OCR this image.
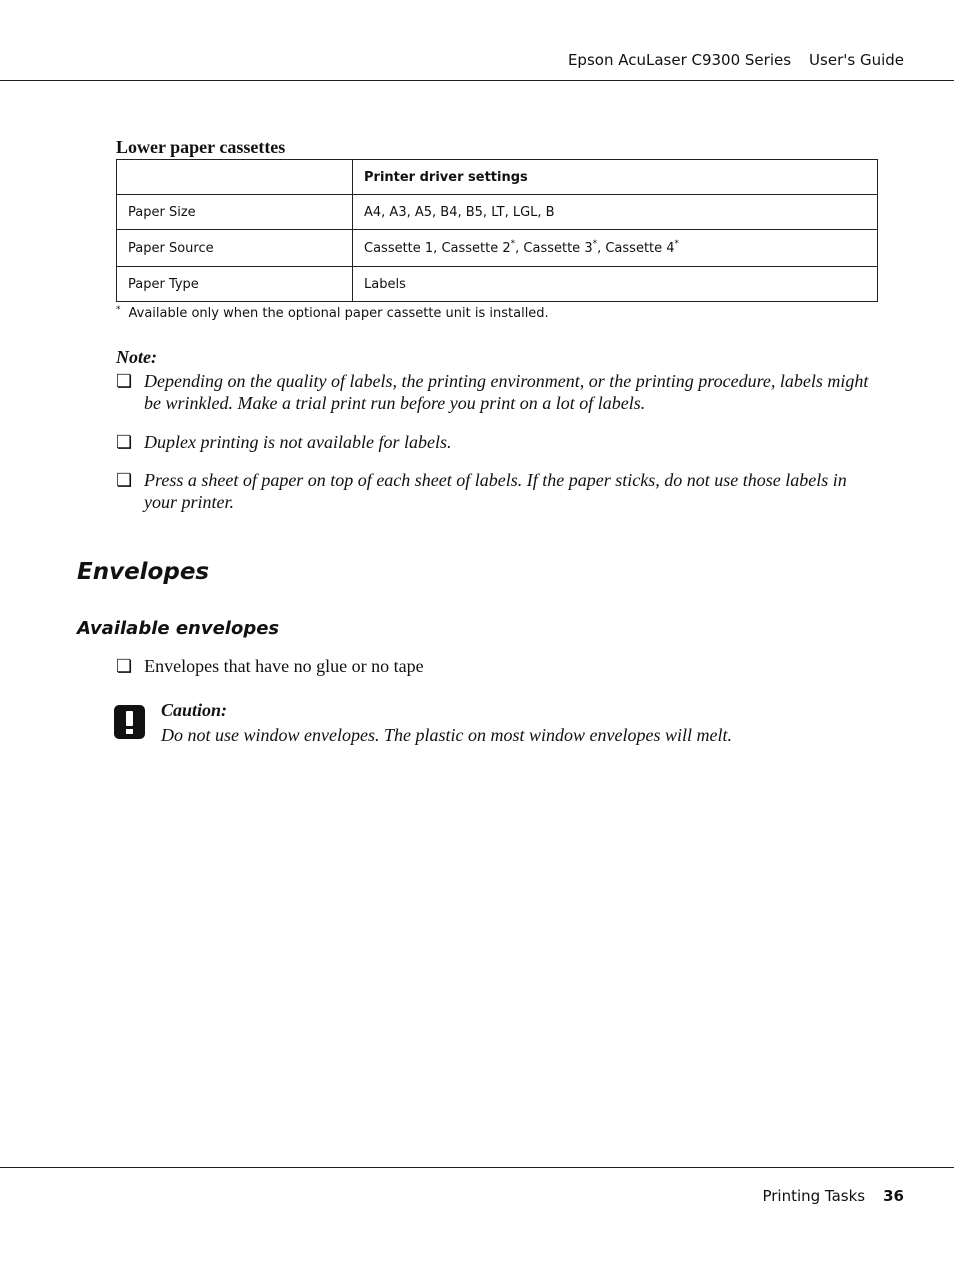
Epson AcuLaser C9300 Series User's Guide
Lower paper cassettes
	Printer driver settings
Paper Size	A4, A3, A5, B4, B5, LT, LGL, B
Paper Source	Cassette 1, Cassette 2*, Cassette 3*, Cassette 4*
Paper Type	Labels
* Available only when the optional paper cassette unit is installed.
Note:
❏ Depending on the quality of labels, the printing environment, or the printing procedure, labels might be wrinkled. Make a trial print run before you print on a lot of labels.
❏ Duplex printing is not available for labels.
❏ Press a sheet of paper on top of each sheet of labels. If the paper sticks, do not use those labels in your printer.
Envelopes
Available envelopes
❏ Envelopes that have no glue or no tape
Caution:
Do not use window envelopes. The plastic on most window envelopes will melt.
Printing Tasks 36
